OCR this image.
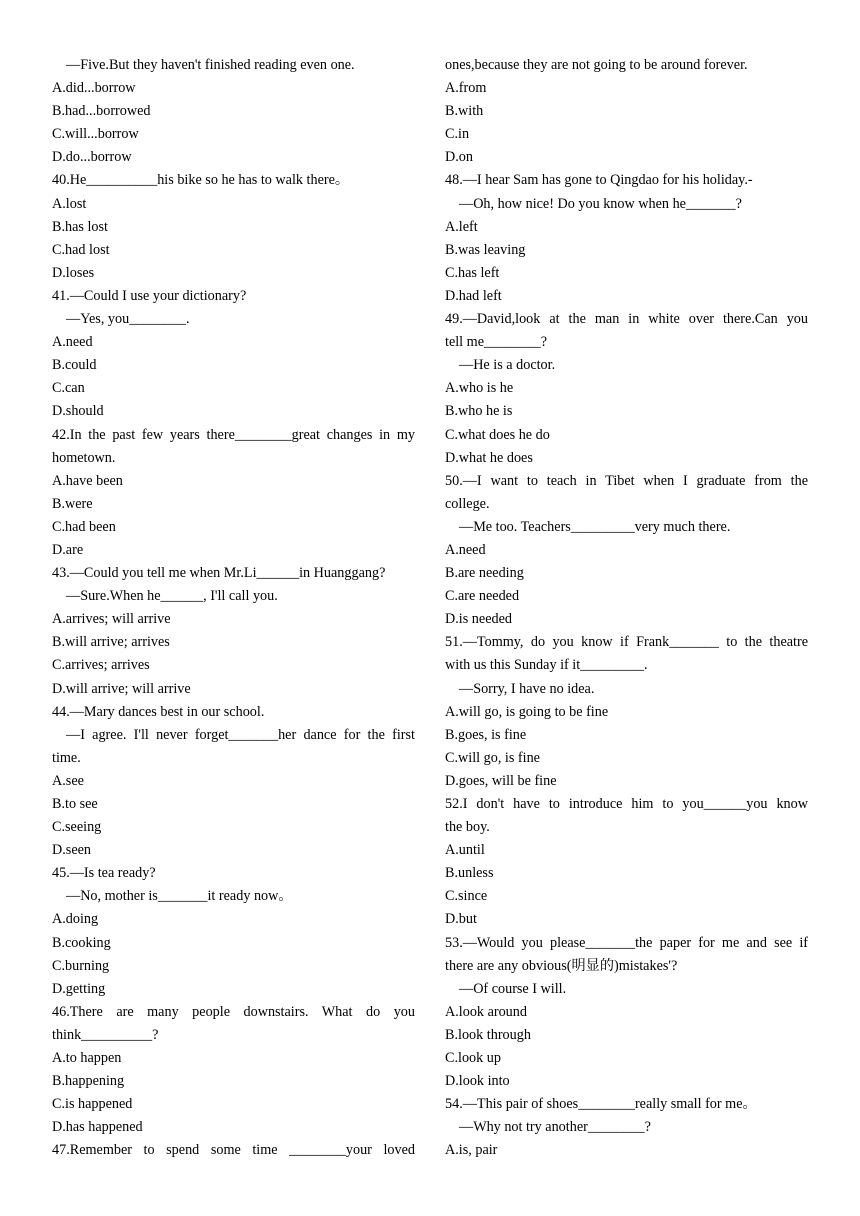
—Five.But they haven't finished reading even one.
A.did...borrow
B.had...borrowed
C.will...borrow
D.do...borrow
40.He__________his bike so he has to walk there。
A.lost
B.has lost
C.had lost
D.loses
41.—Could I use your dictionary?
—Yes, you________.
A.need
B.could
C.can
D.should
42.In the past few years there________great changes in my
hometown.
A.have been
B.were
C.had been
D.are
43.—Could you tell me when Mr.Li______in Huanggang?
—Sure.When he______, I'll call you.
A.arrives; will arrive
B.will arrive; arrives
C.arrives; arrives
D.will arrive; will arrive
44.—Mary dances best in our school.
—I agree. I'll never forget_______her dance for the first
time.
A.see
B.to see
C.seeing
D.seen
45.—Is tea ready?
—No, mother is_______it ready now。
A.doing
B.cooking
C.burning
D.getting
46.There are many people downstairs. What do you
think__________?
A.to happen
B.happening
C.is happened
D.has happened
47.Remember to spend some time ________your loved
ones,because they are not going to be around forever.
A.from
B.with
C.in
D.on
48.—I hear Sam has gone to Qingdao for his holiday.-
—Oh, how nice! Do you know when he_______?
A.left
B.was leaving
C.has left
D.had left
49.—David,look at the man in white over there.Can you
tell me________?
—He is a doctor.
A.who is he
B.who he is
C.what does he do
D.what he does
50.—I want to teach in Tibet when I graduate from the
college.
—Me too. Teachers_________very much there.
A.need
B.are needing
C.are needed
D.is needed
51.—Tommy, do you know if Frank_______ to the theatre
with us this Sunday if it_________.
—Sorry, I have no idea.
A.will go, is going to be fine
B.goes, is fine
C.will go, is fine
D.goes, will be fine
52.I don't have to introduce him to you______you know
the boy.
A.until
B.unless
C.since
D.but
53.—Would you please_______the paper for me and see if
there are any obvious(明显的)mistakes'?
—Of course I will.
A.look around
B.look through
C.look up
D.look into
54.—This pair of shoes________really small for me。
—Why not try another________?
A.is, pair
